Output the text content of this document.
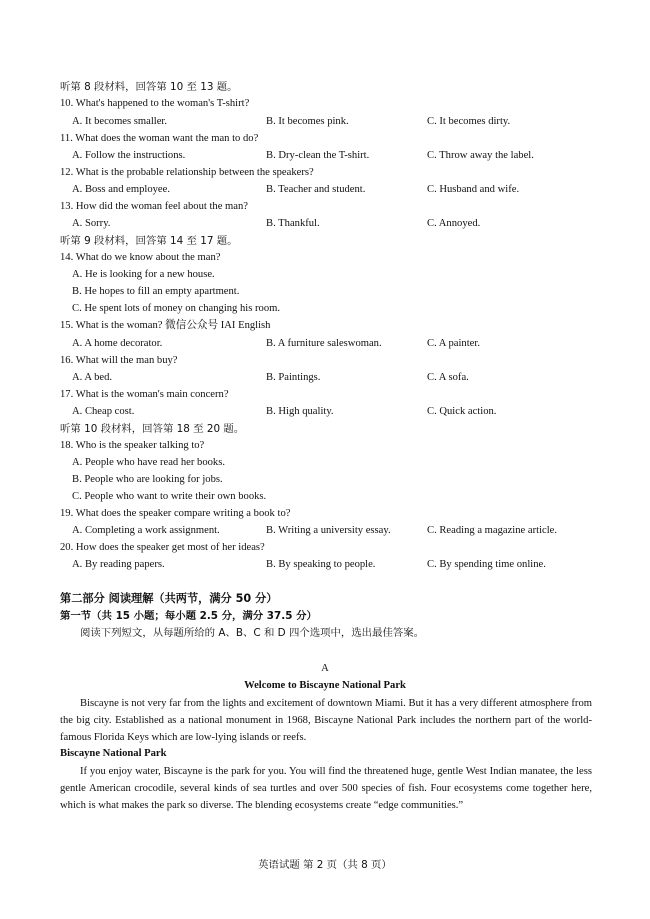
听第 8 段材料，回答第 10 至 13 题。
10. What's happened to the woman's T-shirt?
A. It becomes smaller.	B. It becomes pink.	C. It becomes dirty.
11. What does the woman want the man to do?
A. Follow the instructions.	B. Dry-clean the T-shirt.	C. Throw away the label.
12. What is the probable relationship between the speakers?
A. Boss and employee.	B. Teacher and student.	C. Husband and wife.
13. How did the woman feel about the man?
A. Sorry.	B. Thankful.	C. Annoyed.
听第 9 段材料，回答第 14 至 17 题。
14. What do we know about the man?
A. He is looking for a new house.
B. He hopes to fill an empty apartment.
C. He spent lots of money on changing his room.
15. What is the woman? 微信公众号 IAI English
A. A home decorator.	B. A furniture saleswoman.	C. A painter.
16. What will the man buy?
A. A bed.	B. Paintings.	C. A sofa.
17. What is the woman's main concern?
A. Cheap cost.	B. High quality.	C. Quick action.
听第 10 段材料，回答第 18 至 20 题。
18. Who is the speaker talking to?
A. People who have read her books.
B. People who are looking for jobs.
C. People who want to write their own books.
19. What does the speaker compare writing a book to?
A. Completing a work assignment.	B. Writing a university essay.	C. Reading a magazine article.
20. How does the speaker get most of her ideas?
A. By reading papers.	B. By speaking to people.	C. By spending time online.
第二部分 阅读理解（共两节，满分 50 分）
第一节（共 15 小题；每小题 2.5 分，满分 37.5 分）
阅读下列短文，从每题所给的 A、B、C 和 D 四个选项中，选出最佳答案。
A
Welcome to Biscayne National Park
Biscayne is not very far from the lights and excitement of downtown Miami. But it has a very different atmosphere from the big city. Established as a national monument in 1968, Biscayne National Park includes the northern part of the world-famous Florida Keys which are low-lying islands or reefs.
Biscayne National Park
If you enjoy water, Biscayne is the park for you. You will find the threatened huge, gentle West Indian manatee, the less gentle American crocodile, several kinds of sea turtles and over 500 species of fish. Four ecosystems come together here, which is what makes the park so diverse. The blending ecosystems create “edge communities.”
英语试题 第 2 页（共 8 页）
